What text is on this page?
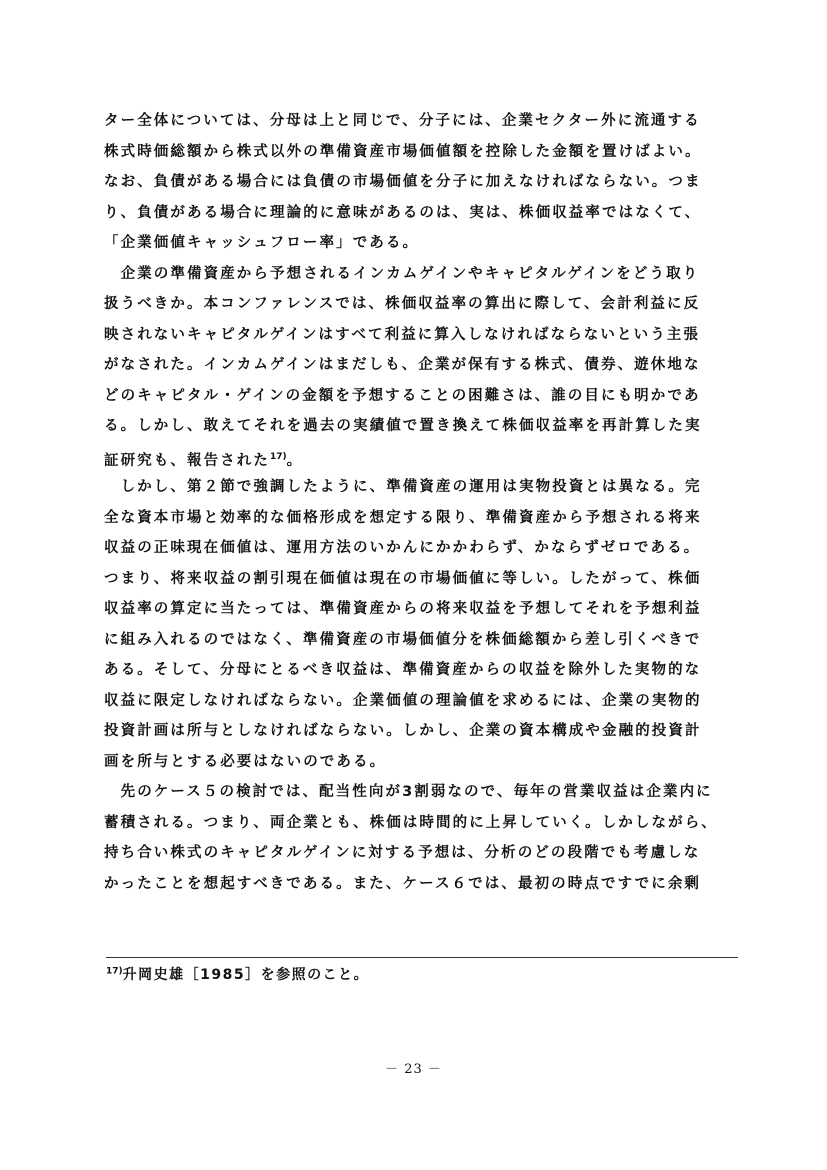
ター全体については、分母は上と同じで、分子には、企業セクター外に流通する
株式時価総額から株式以外の準備資産市場価値額を控除した金額を置けばよい。
なお、負債がある場合には負債の市場価値を分子に加えなければならない。つま
り、負債がある場合に理論的に意味があるのは、実は、株価収益率ではなくて、
「企業価値キャッシュフロー率」である。
　企業の準備資産から予想されるインカムゲインやキャピタルゲインをどう取り
扱うべきか。本コンファレンスでは、株価収益率の算出に際して、会計利益に反
映されないキャピタルゲインはすべて利益に算入しなければならないという主張
がなされた。インカムゲインはまだしも、企業が保有する株式、債券、遊休地な
どのキャピタル・ゲインの金額を予想することの困難さは、誰の目にも明かであ
る。しかし、敢えてそれを過去の実績値で置き換えて株価収益率を再計算した実
証研究も、報告された$^{17)}$。
　しかし、第２節で強調したように、準備資産の運用は実物投資とは異なる。完
全な資本市場と効率的な価格形成を想定する限り、準備資産から予想される将来
収益の正味現在価値は、運用方法のいかんにかかわらず、かならずゼロである。
つまり、将来収益の割引現在価値は現在の市場価値に等しい。したがって、株価
収益率の算定に当たっては、準備資産からの将来収益を予想してそれを予想利益
に組み入れるのではなく、準備資産の市場価値分を株価総額から差し引くべきで
ある。そして、分母にとるべき収益は、準備資産からの収益を除外した実物的な
収益に限定しなければならない。企業価値の理論値を求めるには、企業の実物的
投資計画は所与としなければならない。しかし、企業の資本構成や金融的投資計
画を所与とする必要はないのである。
　先のケース５の検討では、配当性向が3割弱なので、毎年の営業収益は企業内に
蓄積される。つまり、両企業とも、株価は時間的に上昇していく。しかしながら、
持ち合い株式のキャピタルゲインに対する予想は、分析のどの段階でも考慮しな
かったことを想起すべきである。また、ケース６では、最初の時点ですでに余剰
$^{17)}$升岡史雄［1985］を参照のこと。
－ 23 －
